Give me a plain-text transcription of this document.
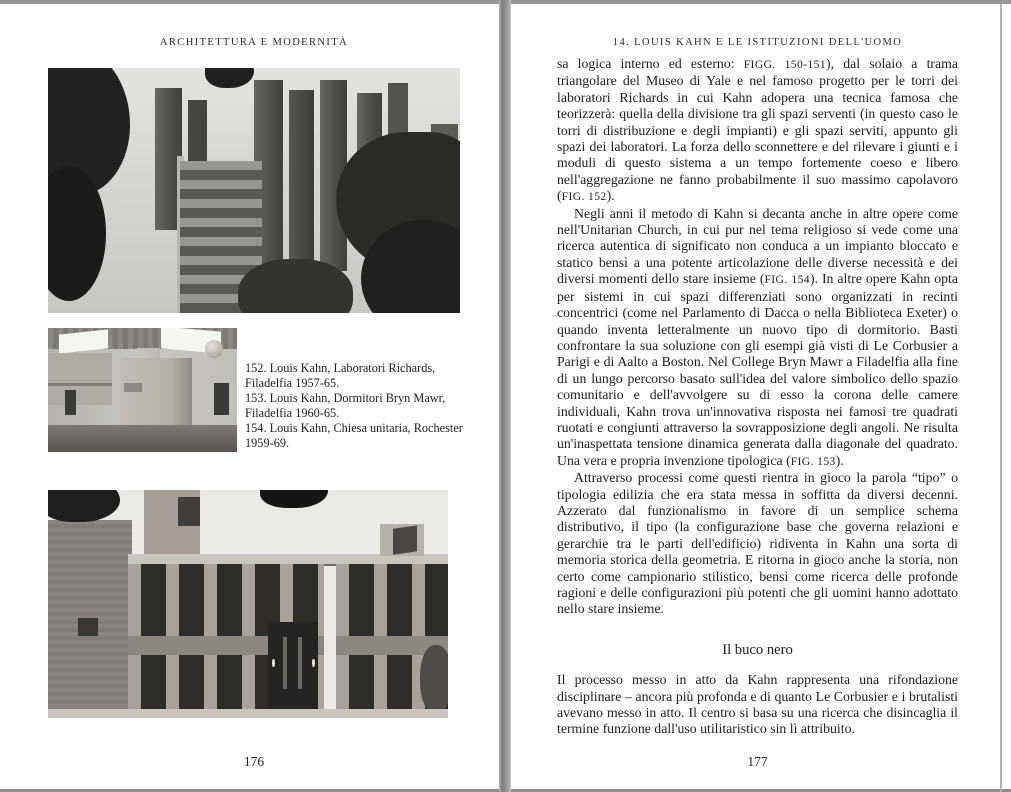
ARCHITETTURA E MODERNITÀ
152. Louis Kahn, Laboratori Richards, Filadelfia 1957-65.
153. Louis Kahn, Dormitori Bryn Mawr, Filadelfia 1960-65.
154. Louis Kahn, Chiesa unitaria, Rochester 1959-69.
176
14. LOUIS KAHN E LE ISTITUZIONI DELL'UOMO

sa logica interno ed esterno: FIGG. 150-151), dal solaio a trama triangolare del Museo di Yale e nel famoso progetto per le torri dei laboratori Richards in cui Kahn adopera una tecnica famosa che teorizzerà: quella della divisione tra gli spazi serventi (in questo caso le torri di distribuzione e degli impianti) e gli spazi serviti, appunto gli spazi dei laboratori. La forza dello sconnettere e del rilevare i giunti e i moduli di questo sistema a un tempo fortemente coeso e libero nell'aggregazione ne fanno probabilmente il suo massimo capolavoro (FIG. 152).

Negli anni il metodo di Kahn si decanta anche in altre opere come nell'Unitarian Church, in cui pur nel tema religioso si vede come una ricerca autentica di significato non conduca a un impianto bloccato e statico bensì a una potente articolazione delle diverse necessità e dei diversi momenti dello stare insieme (FIG. 154). In altre opere Kahn opta per sistemi in cui spazi differenziati sono organizzati in recinti concentrici (come nel Parlamento di Dacca o nella Biblioteca Exeter) o quando inventa letteralmente un nuovo tipo di dormitorio. Basti confrontare la sua soluzione con gli esempi già visti di Le Corbusier a Parigi e di Aalto a Boston. Nel College Bryn Mawr a Filadelfia alla fine di un lungo percorso basato sull'idea del valore simbolico dello spazio comunitario e dell'avvolgere su di esso la corona delle camere individuali, Kahn trova un'innovativa risposta nei famosi tre quadrati ruotati e congiunti attraverso la sovrapposizione degli angoli. Ne risulta un'inaspettata tensione dinamica generata dalla diagonale del quadrato. Una vera e propria invenzione tipologica (FIG. 153).

Attraverso processi come questi rientra in gioco la parola “tipo” o tipologia edilizia che era stata messa in soffitta da diversi decenni. Azzerato dal funzionalismo in favore di un semplice schema distributivo, il tipo (la configurazione base che governa relazioni e gerarchie tra le parti dell'edificio) ridiventa in Kahn una sorta di memoria storica della geometria. E ritorna in gioco anche la storia, non certo come campionario stilistico, bensì come ricerca delle profonde ragioni e delle configurazioni più potenti che gli uomini hanno adottato nello stare insieme.

Il buco nero

Il processo messo in atto da Kahn rappresenta una rifondazione disciplinare – ancora più profonda e di quanto Le Corbusier e i brutalisti avevano messo in atto. Il centro si basa su una ricerca che disincaglia il termine funzione dall'uso utilitaristico sin lì attribuito.

177
